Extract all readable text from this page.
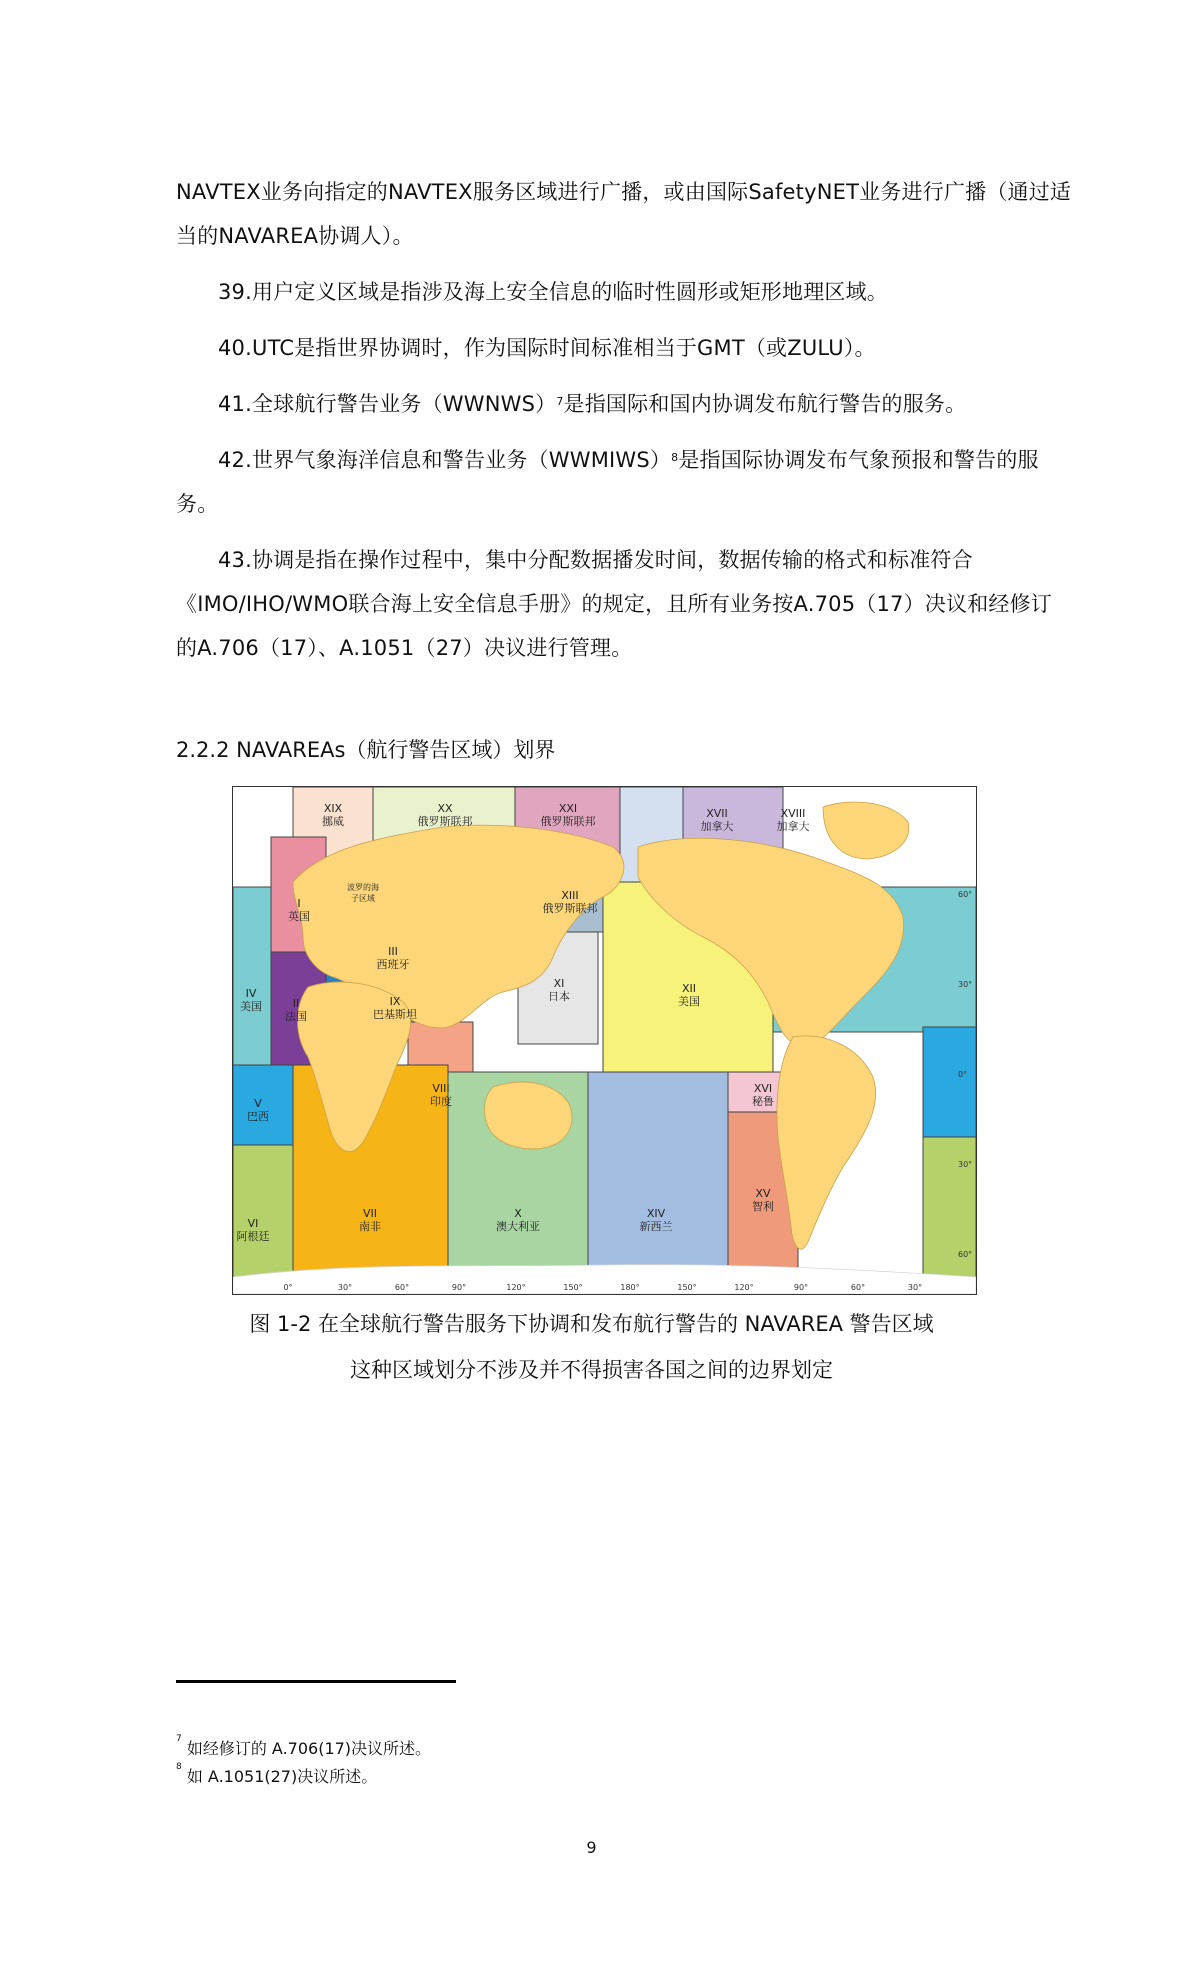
NAVTEX业务向指定的NAVTEX服务区域进行广播，或由国际SafetyNET业务进行广播（通过适
当的NAVAREA协调人）。
39.用户定义区域是指涉及海上安全信息的临时性圆形或矩形地理区域。
40.UTC是指世界协调时，作为国际时间标准相当于GMT（或ZULU）。
41.全球航行警告业务（WWNWS）$^7$是指国际和国内协调发布航行警告的服务。
42.世界气象海洋信息和警告业务（WWMIWS）$^8$是指国际协调发布气象预报和警告的服
务。
43.协调是指在操作过程中，集中分配数据播发时间，数据传输的格式和标准符合
《IMO/IHO/WMO联合海上安全信息手册》的规定，且所有业务按A.705（17）决议和经修订
的A.706（17）、A.1051（27）决议进行管理。
2.2.2 NAVAREAs（航行警告区域）划界
I
英国
II
法国
III
西班牙
IV
美国
V
巴西
VI
阿根廷
VII
南非
VIII
印度
IX
巴基斯坦
X
澳大利亚
XI
日本
XII
美国
XIII
俄罗斯联邦
XIV
新西兰
XV
智利
XVI
秘鲁
XVII
加拿大
XVIII
加拿大
XIX
挪威
XX
俄罗斯联邦
XXI
俄罗斯联邦
波罗的海
子区域
0°	30°	60°	90°	120°	150°	180°	150°	120°	90°	60°	30°
60°
30°
0°
30°
60°
图 1-2 在全球航行警告服务下协调和发布航行警告的 NAVAREA 警告区域
这种区域划分不涉及并不得损害各国之间的边界划定
$^7$ 如经修订的 A.706(17)决议所述。
$^8$ 如 A.1051(27)决议所述。
9
